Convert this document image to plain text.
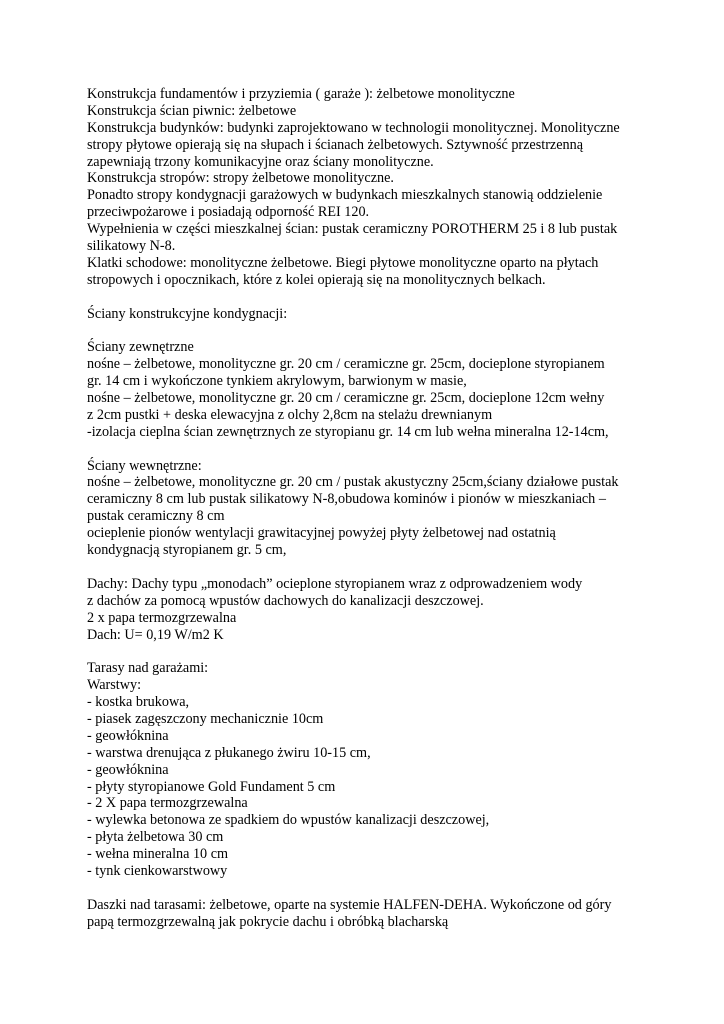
Konstrukcja fundamentów i przyziemia ( garaże ): żelbetowe monolityczne
Konstrukcja ścian piwnic: żelbetowe
Konstrukcja budynków: budynki zaprojektowano w technologii monolitycznej. Monolityczne
stropy płytowe opierają się na słupach i ścianach żelbetowych. Sztywność przestrzenną
zapewniają trzony komunikacyjne oraz ściany monolityczne.
Konstrukcja stropów: stropy żelbetowe monolityczne.
Ponadto stropy kondygnacji garażowych w budynkach mieszkalnych stanowią oddzielenie
przeciwpożarowe i posiadają odporność REI 120.
Wypełnienia w części mieszkalnej ścian: pustak ceramiczny POROTHERM 25 i 8 lub pustak
silikatowy N-8.
Klatki schodowe: monolityczne żelbetowe. Biegi płytowe monolityczne oparto na płytach
stropowych i opocznikach, które z kolei opierają się na monolitycznych belkach.
Ściany konstrukcyjne kondygnacji:
Ściany zewnętrzne
nośne – żelbetowe, monolityczne gr. 20 cm / ceramiczne gr. 25cm, docieplone styropianem
gr. 14 cm i wykończone tynkiem akrylowym, barwionym w masie,
nośne – żelbetowe, monolityczne gr. 20 cm / ceramiczne gr. 25cm, docieplone 12cm wełny
z 2cm pustki + deska elewacyjna z olchy 2,8cm na stelażu drewnianym
-izolacja cieplna ścian zewnętrznych ze styropianu gr. 14 cm lub wełna mineralna 12-14cm,
Ściany wewnętrzne:
nośne – żelbetowe, monolityczne gr. 20 cm / pustak akustyczny 25cm,ściany działowe pustak
ceramiczny 8 cm lub pustak silikatowy N-8,obudowa kominów i pionów w mieszkaniach –
pustak ceramiczny 8 cm
ocieplenie pionów wentylacji grawitacyjnej powyżej płyty żelbetowej nad ostatnią
kondygnacją styropianem gr. 5 cm,
Dachy: Dachy typu „monodach” ocieplone styropianem wraz z odprowadzeniem wody
z dachów za pomocą wpustów dachowych do kanalizacji deszczowej.
2 x papa termozgrzewalna
Dach: U= 0,19 W/m2 K
Tarasy nad garażami:
Warstwy:
- kostka brukowa,
- piasek zagęszczony mechanicznie 10cm
- geowłóknina
- warstwa drenująca z płukanego żwiru 10-15 cm,
- geowłóknina
- płyty styropianowe Gold Fundament 5 cm
- 2 X papa termozgrzewalna
- wylewka betonowa ze spadkiem do wpustów kanalizacji deszczowej,
- płyta żelbetowa 30 cm
- wełna mineralna 10 cm
- tynk cienkowarstwowy
Daszki nad tarasami: żelbetowe, oparte na systemie HALFEN-DEHA. Wykończone od góry
papą termozgrzewalną jak pokrycie dachu i obróbką blacharską
